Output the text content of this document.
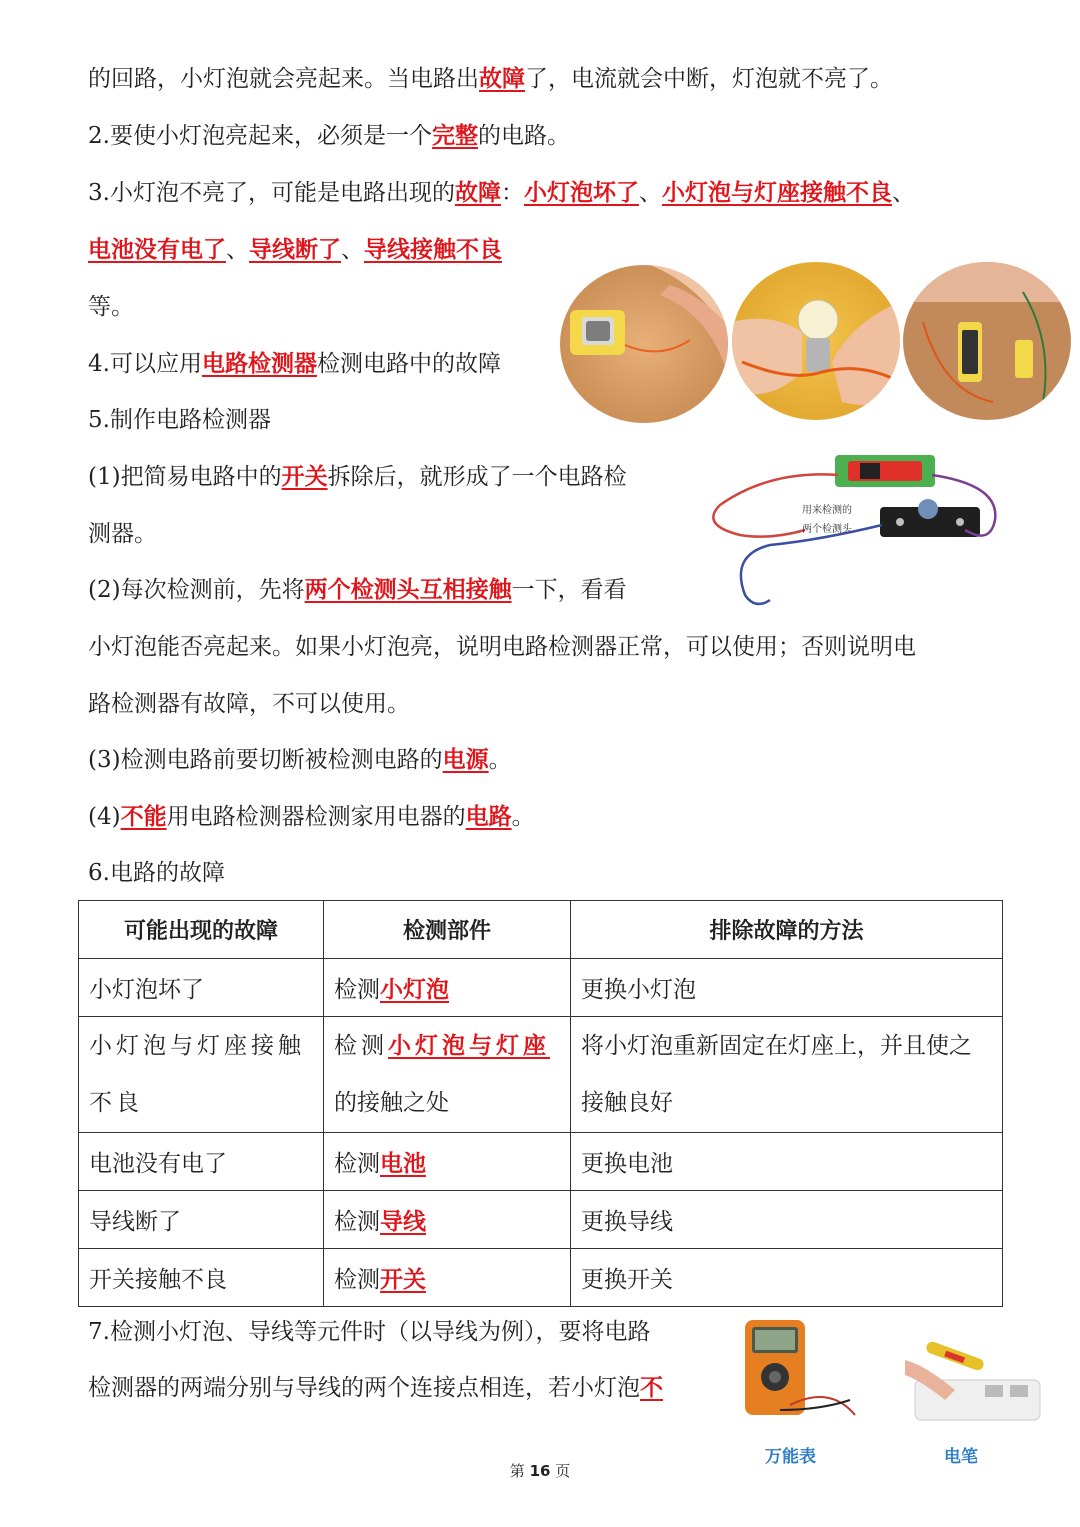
的回路，小灯泡就会亮起来。当电路出故障了，电流就会中断，灯泡就不亮了。
2.要使小灯泡亮起来，必须是一个完整的电路。
3.小灯泡不亮了，可能是电路出现的故障：小灯泡坏了、小灯泡与灯座接触不良、
电池没有电了、导线断了、导线接触不良
等。
4.可以应用电路检测器检测电路中的故障
5.制作电路检测器
(1)把简易电路中的开关拆除后，就形成了一个电路检
测器。
(2)每次检测前，先将两个检测头互相接触一下，看看
小灯泡能否亮起来。如果小灯泡亮，说明电路检测器正常，可以使用；否则说明电
路检测器有故障，不可以使用。
(3)检测电路前要切断被检测电路的电源。
(4)不能用电路检测器检测家用电器的电路。
6.电路的故障
可能出现的故障	检测部件	排除故障的方法
小灯泡坏了	检测小灯泡	更换小灯泡
小灯泡与灯座接触不良	检测小灯泡与灯座的接触之处	将小灯泡重新固定在灯座上，并且使之接触良好
电池没有电了	检测电池	更换电池
导线断了	检测导线	更换导线
开关接触不良	检测开关	更换开关
7.检测小灯泡、导线等元件时（以导线为例），要将电路
检测器的两端分别与导线的两个连接点相连，若小灯泡不
用来检测的
两个检测头
万能表	电笔
第 16 页
